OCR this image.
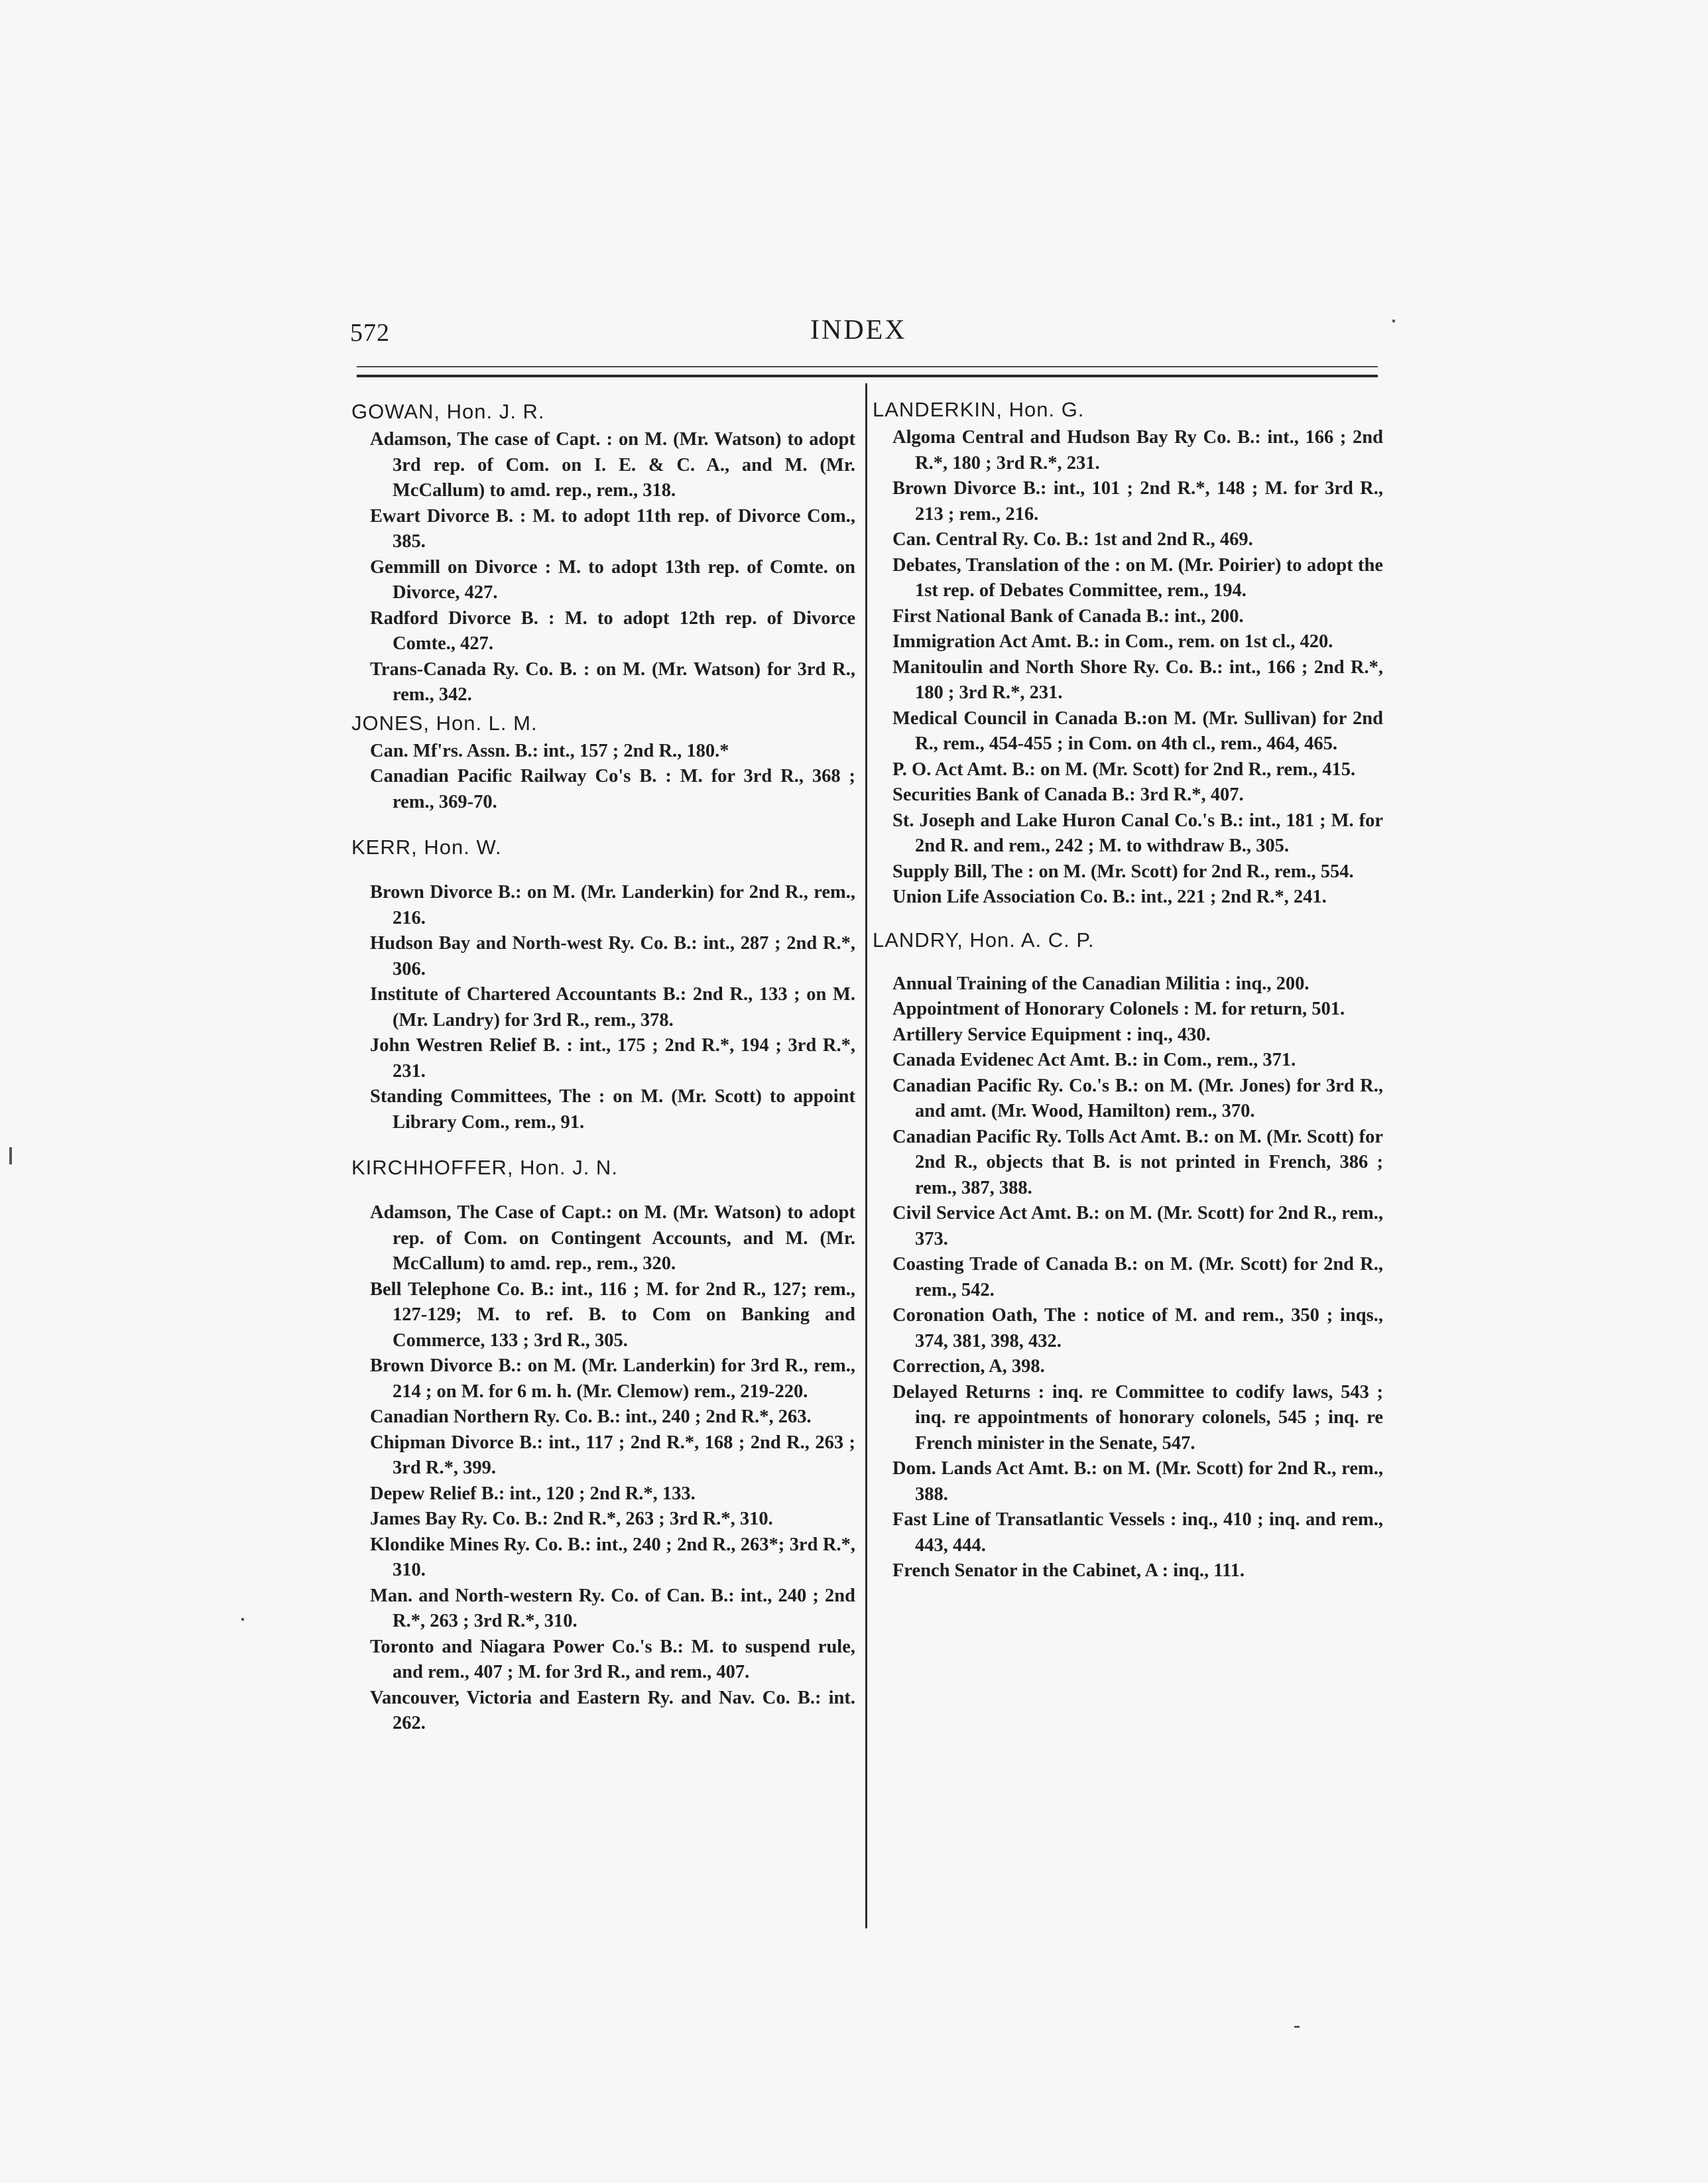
572	INDEX
GOWAN, Hon. J. R.

Adamson, The case of Capt. : on M. (Mr. Watson) to adopt 3rd rep. of Com. on I. E. & C. A., and M. (Mr. McCallum) to amd. rep., rem., 318.

Ewart Divorce B. : M. to adopt 11th rep. of Divorce Com., 385.

Gemmill on Divorce : M. to adopt 13th rep. of Comte. on Divorce, 427.

Radford Divorce B. : M. to adopt 12th rep. of Divorce Comte., 427.

Trans-Canada Ry. Co. B. : on M. (Mr. Watson) for 3rd R., rem., 342.

JONES, Hon. L. M.

Can. Mf'rs. Assn. B.: int., 157 ; 2nd R., 180.*

Canadian Pacific Railway Co's B. : M. for 3rd R., 368 ; rem., 369-70.

KERR, Hon. W.

Brown Divorce B.: on M. (Mr. Landerkin) for 2nd R., rem., 216.

Hudson Bay and North-west Ry. Co. B.: int., 287 ; 2nd R.*, 306.

Institute of Chartered Accountants B.: 2nd R., 133 ; on M. (Mr. Landry) for 3rd R., rem., 378.

John Westren Relief B. : int., 175 ; 2nd R.*, 194 ; 3rd R.*, 231.

Standing Committees, The : on M. (Mr. Scott) to appoint Library Com., rem., 91.

KIRCHHOFFER, Hon. J. N.

Adamson, The Case of Capt.: on M. (Mr. Watson) to adopt rep. of Com. on Contingent Accounts, and M. (Mr. McCallum) to amd. rep., rem., 320.

Bell Telephone Co. B.: int., 116 ; M. for 2nd R., 127; rem., 127-129; M. to ref. B. to Com on Banking and Commerce, 133 ; 3rd R., 305.

Brown Divorce B.: on M. (Mr. Landerkin) for 3rd R., rem., 214 ; on M. for 6 m. h. (Mr. Clemow) rem., 219-220.

Canadian Northern Ry. Co. B.: int., 240 ; 2nd R.*, 263.

Chipman Divorce B.: int., 117 ; 2nd R.*, 168 ; 2nd R., 263 ; 3rd R.*, 399.

Depew Relief B.: int., 120 ; 2nd R.*, 133.

James Bay Ry. Co. B.: 2nd R.*, 263 ; 3rd R.*, 310.

Klondike Mines Ry. Co. B.: int., 240 ; 2nd R., 263*; 3rd R.*, 310.

Man. and North-western Ry. Co. of Can. B.: int., 240 ; 2nd R.*, 263 ; 3rd R.*, 310.

Toronto and Niagara Power Co.'s B.: M. to suspend rule, and rem., 407 ; M. for 3rd R., and rem., 407.

Vancouver, Victoria and Eastern Ry. and Nav. Co. B.: int. 262.

LANDERKIN, Hon. G.

Algoma Central and Hudson Bay Ry Co. B.: int., 166 ; 2nd R.*, 180 ; 3rd R.*, 231.

Brown Divorce B.: int., 101 ; 2nd R.*, 148 ; M. for 3rd R., 213 ; rem., 216.

Can. Central Ry. Co. B.: 1st and 2nd R., 469.

Debates, Translation of the : on M. (Mr. Poirier) to adopt the 1st rep. of Debates Committee, rem., 194.

First National Bank of Canada B.: int., 200.

Immigration Act Amt. B.: in Com., rem. on 1st cl., 420.

Manitoulin and North Shore Ry. Co. B.: int., 166 ; 2nd R.*, 180 ; 3rd R.*, 231.

Medical Council in Canada B.:on M. (Mr. Sullivan) for 2nd R., rem., 454-455 ; in Com. on 4th cl., rem., 464, 465.

P. O. Act Amt. B.: on M. (Mr. Scott) for 2nd R., rem., 415.

Securities Bank of Canada B.: 3rd R.*, 407.

St. Joseph and Lake Huron Canal Co.'s B.: int., 181 ; M. for 2nd R. and rem., 242 ; M. to withdraw B., 305.

Supply Bill, The : on M. (Mr. Scott) for 2nd R., rem., 554.

Union Life Association Co. B.: int., 221 ; 2nd R.*, 241.

LANDRY, Hon. A. C. P.

Annual Training of the Canadian Militia : inq., 200.

Appointment of Honorary Colonels : M. for return, 501.

Artillery Service Equipment : inq., 430.

Canada Evidenec Act Amt. B.: in Com., rem., 371.

Canadian Pacific Ry. Co.'s B.: on M. (Mr. Jones) for 3rd R., and amt. (Mr. Wood, Hamilton) rem., 370.

Canadian Pacific Ry. Tolls Act Amt. B.: on M. (Mr. Scott) for 2nd R., objects that B. is not printed in French, 386 ; rem., 387, 388.

Civil Service Act Amt. B.: on M. (Mr. Scott) for 2nd R., rem., 373.

Coasting Trade of Canada B.: on M. (Mr. Scott) for 2nd R., rem., 542.

Coronation Oath, The : notice of M. and rem., 350 ; inqs., 374, 381, 398, 432.

Correction, A, 398.

Delayed Returns : inq. re Committee to codify laws, 543 ; inq. re appointments of honorary colonels, 545 ; inq. re French minister in the Senate, 547.

Dom. Lands Act Amt. B.: on M. (Mr. Scott) for 2nd R., rem., 388.

Fast Line of Transatlantic Vessels : inq., 410 ; inq. and rem., 443, 444.

French Senator in the Cabinet, A : inq., 111.
